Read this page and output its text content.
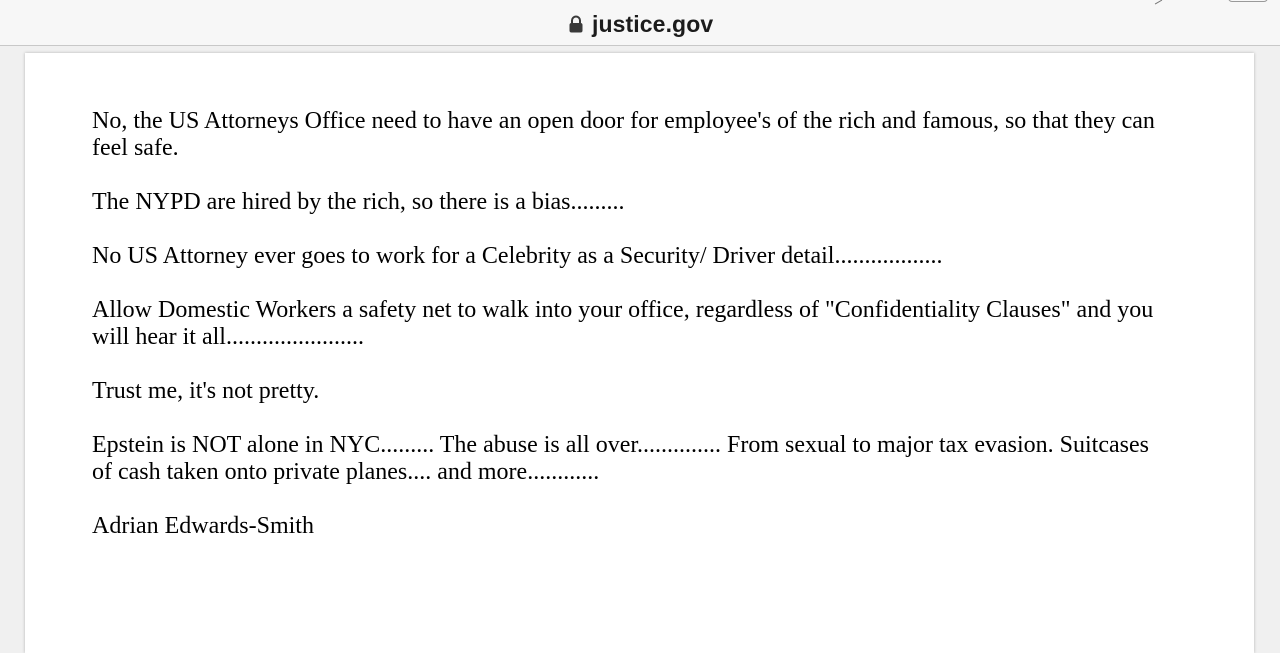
justice.gov

No, the US Attorneys Office need to have an open door for employee's of the rich and famous, so that they can
feel safe.

The NYPD are hired by the rich, so there is a bias.........

No US Attorney ever goes to work for a Celebrity as a Security/ Driver detail..................

Allow Domestic Workers a safety net to walk into your office, regardless of "Confidentiality Clauses" and you
will hear it all.......................

Trust me, it's not pretty.

Epstein is NOT alone in NYC......... The abuse is all over.............. From sexual to major tax evasion. Suitcases
of cash taken onto private planes.... and more............

Adrian Edwards-Smith
